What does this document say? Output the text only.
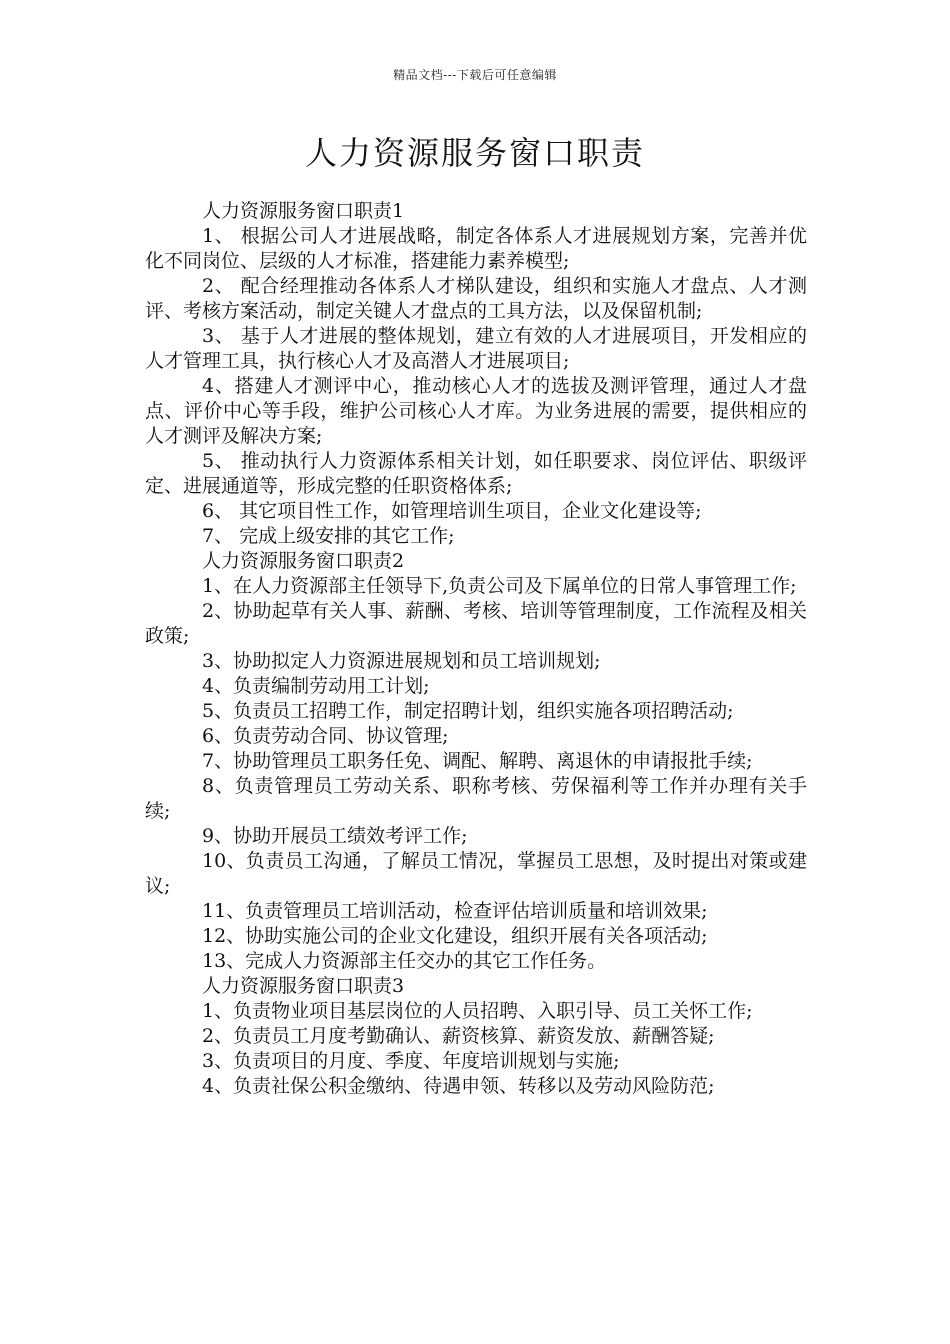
精品文档---下载后可任意编辑
人力资源服务窗口职责

人力资源服务窗口职责1

1、 根据公司人才进展战略，制定各体系人才进展规划方案，完善并优化不同岗位、层级的人才标准，搭建能力素养模型;

2、 配合经理推动各体系人才梯队建设，组织和实施人才盘点、人才测评、考核方案活动，制定关键人才盘点的工具方法，以及保留机制;

3、 基于人才进展的整体规划，建立有效的人才进展项目，开发相应的人才管理工具，执行核心人才及高潜人才进展项目;

4、搭建人才测评中心，推动核心人才的选拔及测评管理，通过人才盘点、评价中心等手段，维护公司核心人才库。为业务进展的需要，提供相应的人才测评及解决方案;

5、 推动执行人力资源体系相关计划，如任职要求、岗位评估、职级评定、进展通道等，形成完整的任职资格体系;

6、 其它项目性工作，如管理培训生项目，企业文化建设等;

7、 完成上级安排的其它工作;

人力资源服务窗口职责2

1、在人力资源部主任领导下,负责公司及下属单位的日常人事管理工作;

2、协助起草有关人事、薪酬、考核、培训等管理制度，工作流程及相关政策;

3、协助拟定人力资源进展规划和员工培训规划;

4、负责编制劳动用工计划;

5、负责员工招聘工作，制定招聘计划，组织实施各项招聘活动;

6、负责劳动合同、协议管理;

7、协助管理员工职务任免、调配、解聘、离退休的申请报批手续;

8、负责管理员工劳动关系、职称考核、劳保福利等工作并办理有关手续;

9、协助开展员工绩效考评工作;

10、负责员工沟通，了解员工情况，掌握员工思想，及时提出对策或建议;

11、负责管理员工培训活动，检查评估培训质量和培训效果;

12、协助实施公司的企业文化建设，组织开展有关各项活动;

13、完成人力资源部主任交办的其它工作任务。

人力资源服务窗口职责3

1、负责物业项目基层岗位的人员招聘、入职引导、员工关怀工作;

2、负责员工月度考勤确认、薪资核算、薪资发放、薪酬答疑;

3、负责项目的月度、季度、年度培训规划与实施;

4、负责社保公积金缴纳、待遇申领、转移以及劳动风险防范;
